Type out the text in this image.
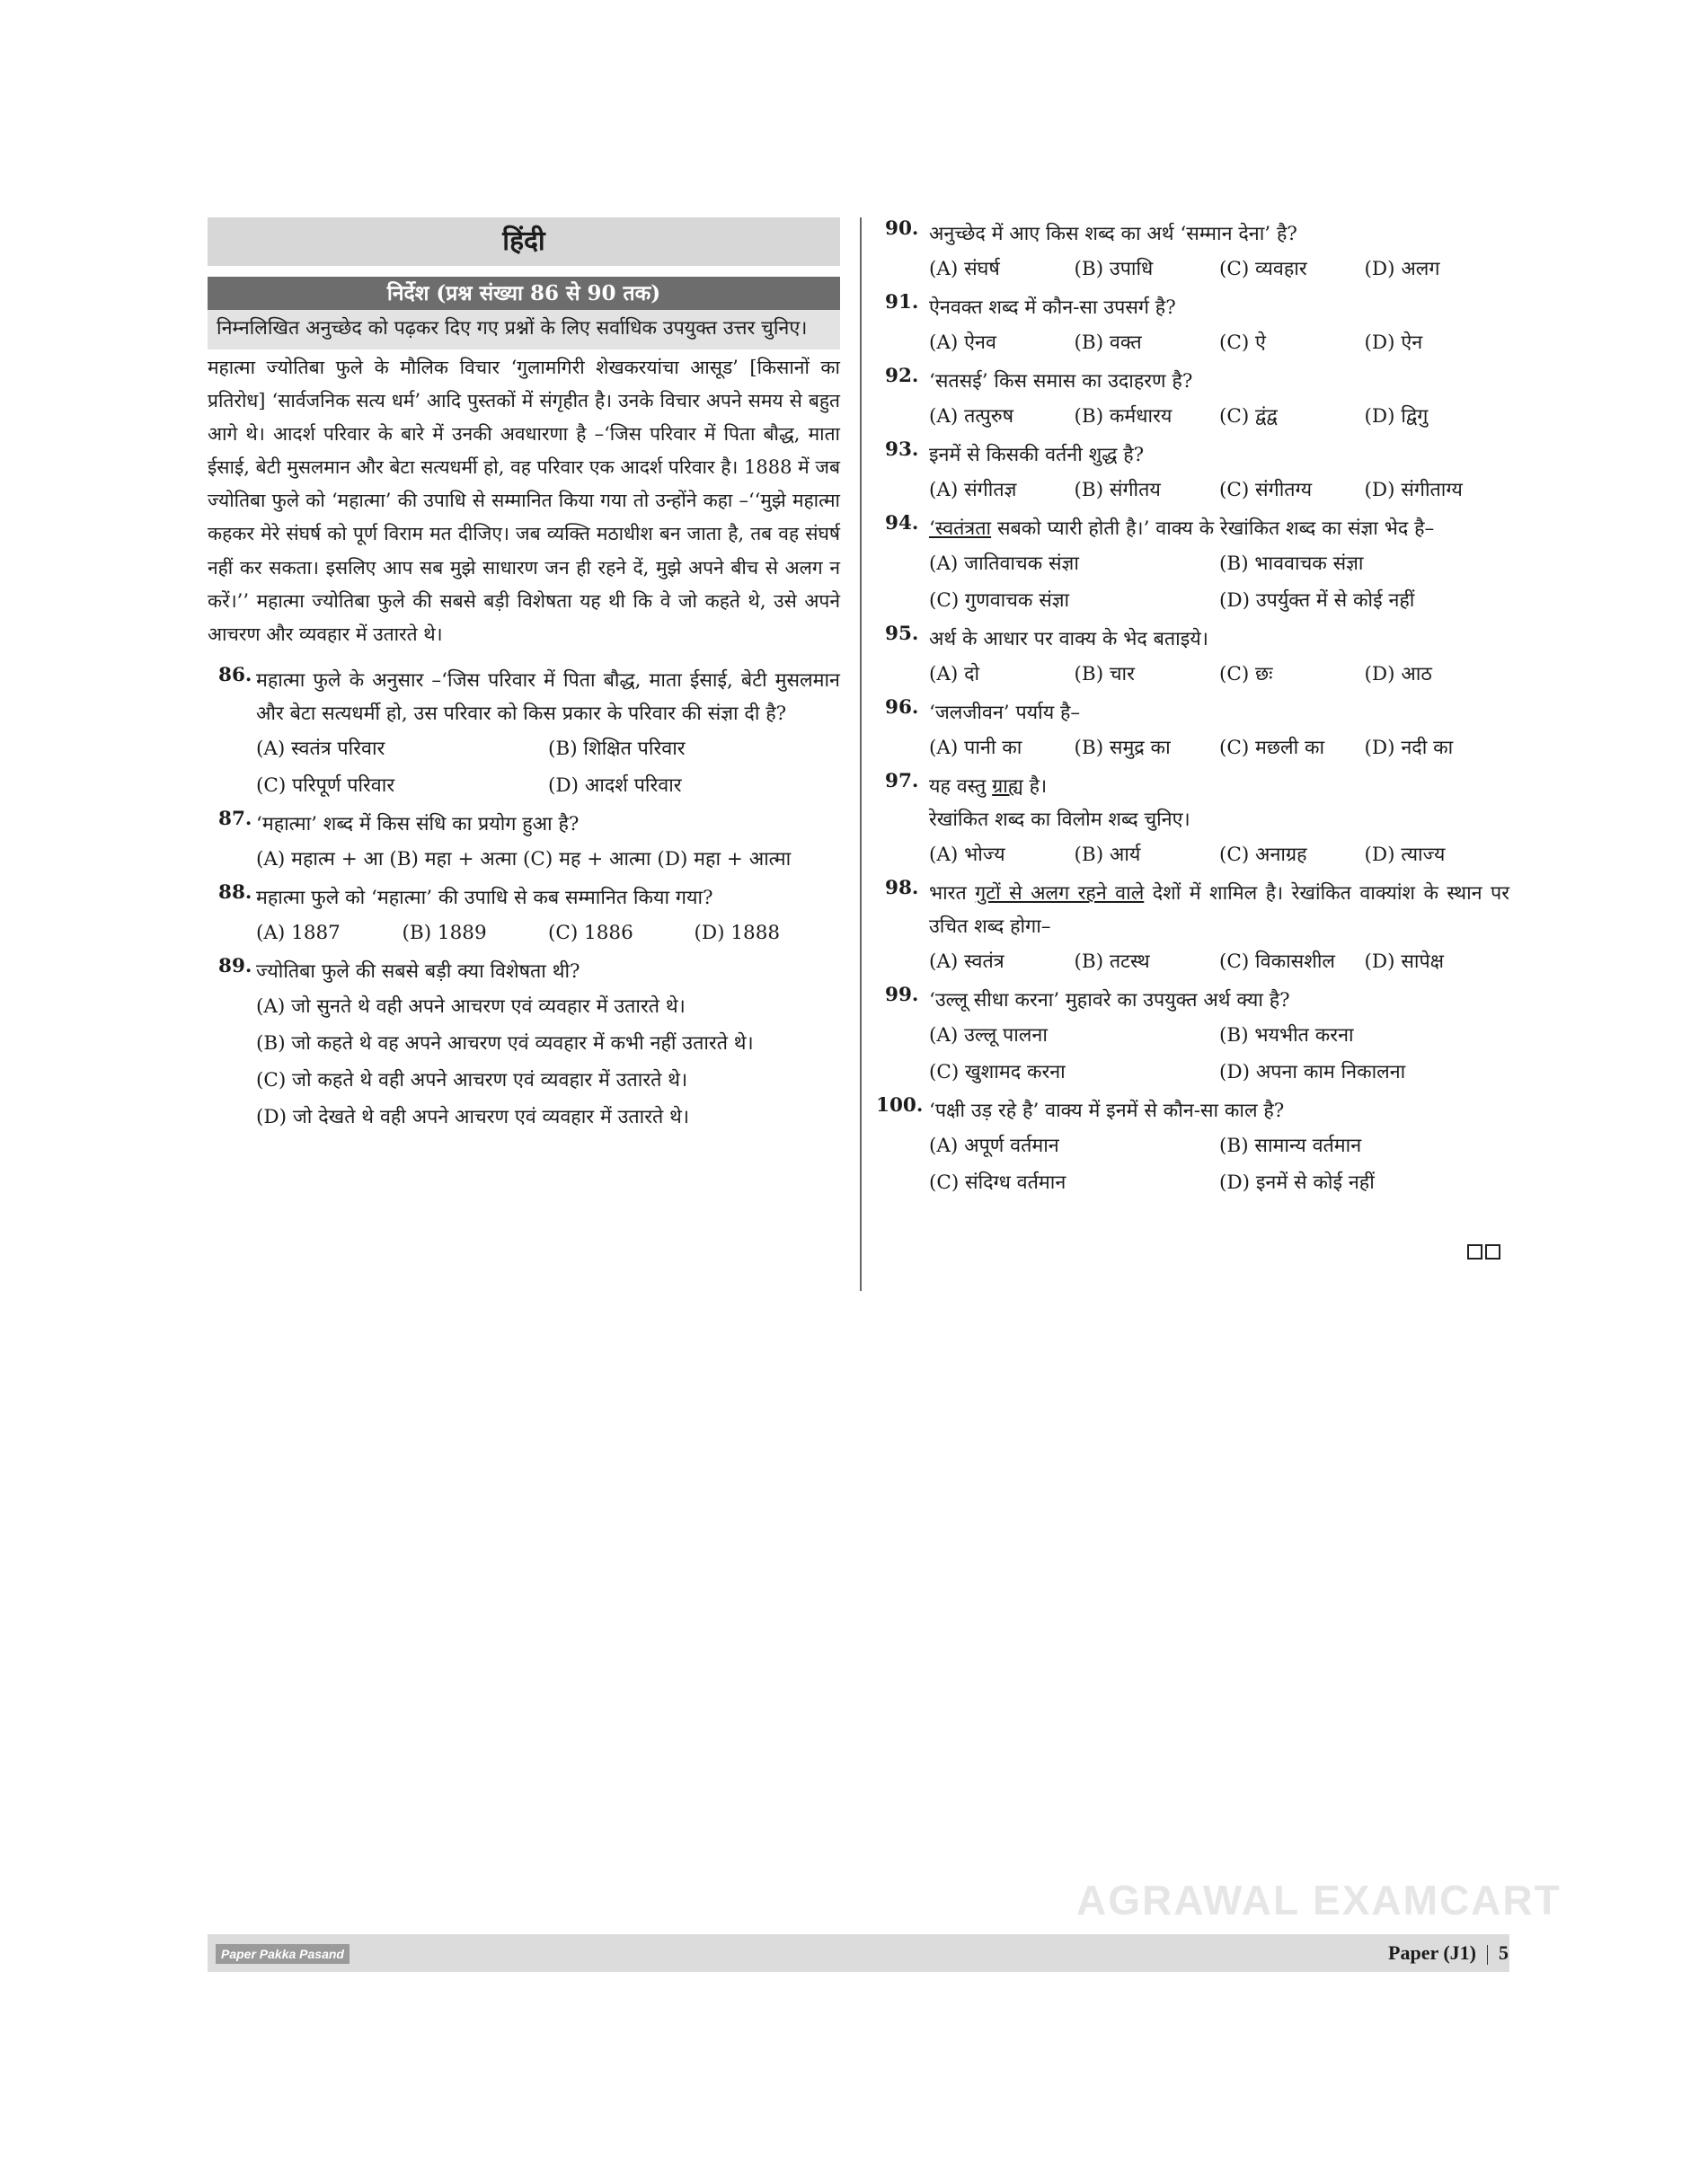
हिंदी
निर्देश (प्रश्न संख्या 86 से 90 तक)
निम्नलिखित अनुच्छेद को पढ़कर दिए गए प्रश्नों के लिए सर्वाधिक उपयुक्त उत्तर चुनिए।
महात्मा ज्योतिबा फुले के मौलिक विचार ‘गुलामगिरी शेखकरयांचा आसूड’ [किसानों का प्रतिरोध] ‘सार्वजनिक सत्य धर्म’ आदि पुस्तकों में संगृहीत है। उनके विचार अपने समय से बहुत आगे थे। आदर्श परिवार के बारे में उनकी अवधारणा है –‘जिस परिवार में पिता बौद्ध, माता ईसाई, बेटी मुसलमान और बेटा सत्यधर्मी हो, वह परिवार एक आदर्श परिवार है। 1888 में जब ज्योतिबा फुले को ‘महात्मा’ की उपाधि से सम्मानित किया गया तो उन्होंने कहा –‘‘मुझे महात्मा कहकर मेरे संघर्ष को पूर्ण विराम मत दीजिए। जब व्यक्ति मठाधीश बन जाता है, तब वह संघर्ष नहीं कर सकता। इसलिए आप सब मुझे साधारण जन ही रहने दें, मुझे अपने बीच से अलग न करें।’’ महात्मा ज्योतिबा फुले की सबसे बड़ी विशेषता यह थी कि वे जो कहते थे, उसे अपने आचरण और व्यवहार में उतारते थे।
86. महात्मा फुले के अनुसार –‘जिस परिवार में पिता बौद्ध, माता ईसाई, बेटी मुसलमान और बेटा सत्यधर्मी हो, उस परिवार को किस प्रकार के परिवार की संज्ञा दी है?
(A) स्वतंत्र परिवार	(B) शिक्षित परिवार
(C) परिपूर्ण परिवार	(D) आदर्श परिवार
87. ‘महात्मा’ शब्द में किस संधि का प्रयोग हुआ है?
(A) महात्म + आ (B) महा + अत्मा (C) मह + आत्मा (D) महा + आत्मा
88. महात्मा फुले को ‘महात्मा’ की उपाधि से कब सम्मानित किया गया?
(A) 1887	(B) 1889	(C) 1886	(D) 1888
89. ज्योतिबा फुले की सबसे बड़ी क्या विशेषता थी?
(A) जो सुनते थे वही अपने आचरण एवं व्यवहार में उतारते थे।
(B) जो कहते थे वह अपने आचरण एवं व्यवहार में कभी नहीं उतारते थे।
(C) जो कहते थे वही अपने आचरण एवं व्यवहार में उतारते थे।
(D) जो देखते थे वही अपने आचरण एवं व्यवहार में उतारते थे।
90. अनुच्छेद में आए किस शब्द का अर्थ ‘सम्मान देना’ है?
(A) संघर्ष	(B) उपाधि	(C) व्यवहार	(D) अलग
91. ऐनवक्त शब्द में कौन-सा उपसर्ग है?
(A) ऐनव	(B) वक्त	(C) ऐ	(D) ऐन
92. ‘सतसई’ किस समास का उदाहरण है?
(A) तत्पुरुष	(B) कर्मधारय	(C) द्वंद्व	(D) द्विगु
93. इनमें से किसकी वर्तनी शुद्ध है?
(A) संगीतज्ञ	(B) संगीतय	(C) संगीतग्य	(D) संगीताग्य
94. ‘स्वतंत्रता सबको प्यारी होती है।’ वाक्य के रेखांकित शब्द का संज्ञा भेद है–
(A) जातिवाचक संज्ञा	(B) भाववाचक संज्ञा
(C) गुणवाचक संज्ञा	(D) उपर्युक्त में से कोई नहीं
95. अर्थ के आधार पर वाक्य के भेद बताइये।
(A) दो	(B) चार	(C) छः	(D) आठ
96. ‘जलजीवन’ पर्याय है–
(A) पानी का	(B) समुद्र का	(C) मछली का	(D) नदी का
97. यह वस्तु ग्राह्य है।
रेखांकित शब्द का विलोम शब्द चुनिए।
(A) भोज्य	(B) आर्य	(C) अनाग्रह	(D) त्याज्य
98. भारत गुटों से अलग रहने वाले देशों में शामिल है। रेखांकित वाक्यांश के स्थान पर उचित शब्द होगा–
(A) स्वतंत्र	(B) तटस्थ	(C) विकासशील	(D) सापेक्ष
99. ‘उल्लू सीधा करना’ मुहावरे का उपयुक्त अर्थ क्या है?
(A) उल्लू पालना	(B) भयभीत करना
(C) खुशामद करना	(D) अपना काम निकालना
100. ‘पक्षी उड़ रहे है’ वाक्य में इनमें से कौन-सा काल है?
(A) अपूर्ण वर्तमान	(B) सामान्य वर्तमान
(C) संदिग्ध वर्तमान	(D) इनमें से कोई नहीं
AGRAWAL EXAMCART
Paper Pakka Pasand	Paper (J1) 5
